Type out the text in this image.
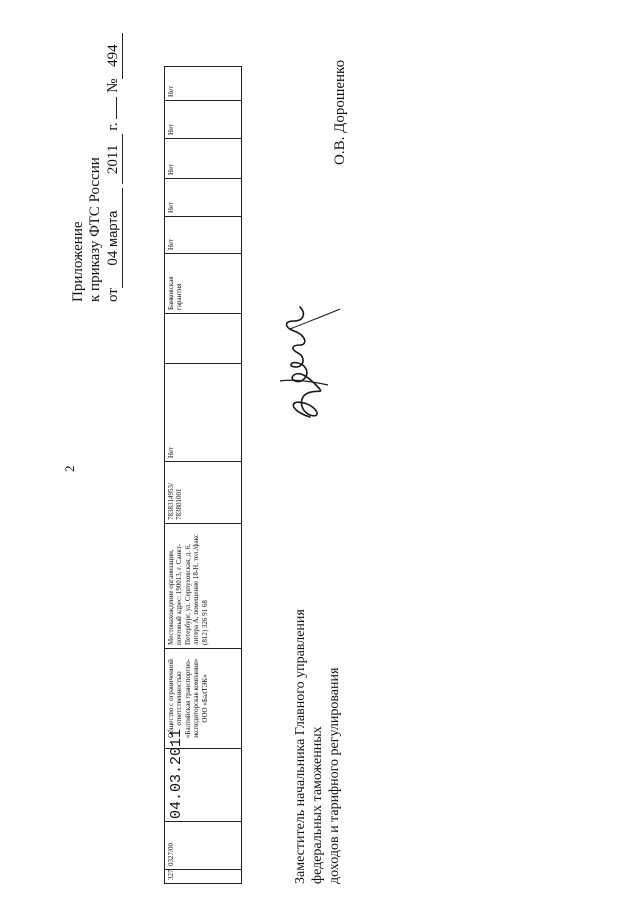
2
Приложение к приказу ФТС России от04 марта 2011 г.  №494
327
0327/00
04.03.2011
Общество с ограниченной ответственностью «Балтийская транспортно-экспедиторская компания» ООО «БалТЭК»
Местонахождение организации, почтовый адрес: 190013, г. Санкт-Петербург, ул. Серпуховская, д. 6, литера А, помещение 18-Н, тел./факс (812) 326 91 68
7838314953/ 783801001
Нет
Банковская гарантия
Нет
Нет
Нет
Нет
Нет
Заместитель начальника Главного управления федеральных таможенных доходов и тарифного регулирования
О.В. Дорошенко
